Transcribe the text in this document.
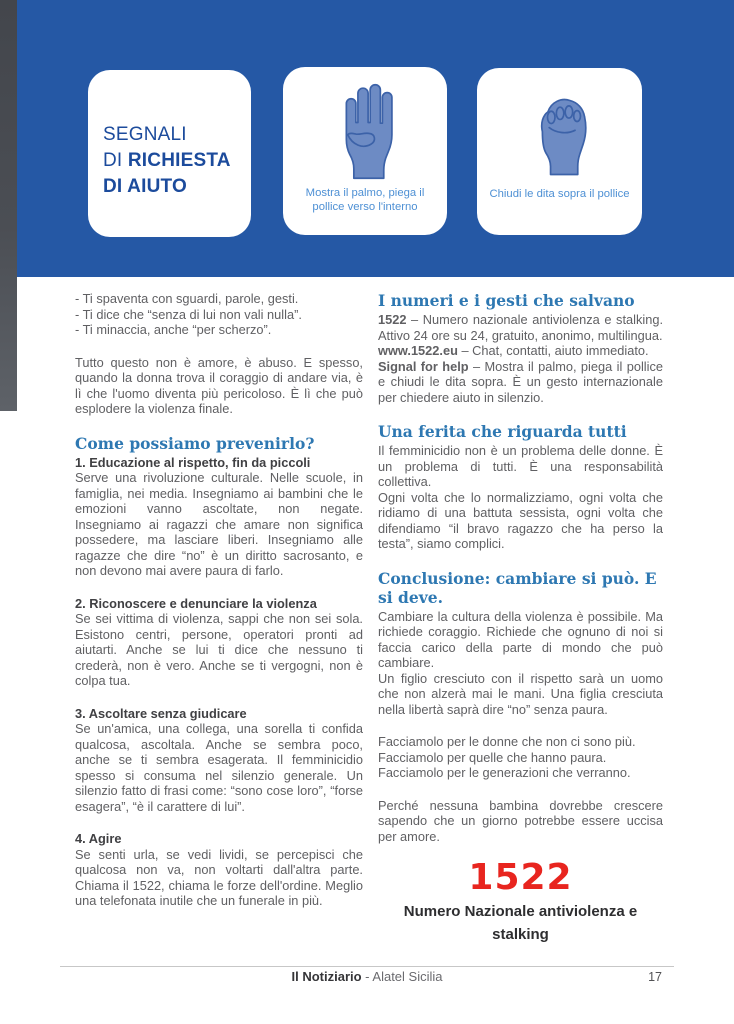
SEGNALI
DI RICHIESTA
DI AIUTO	Mostra il palmo, piega il pollice verso l'interno
Chiudi le dita sopra il pollice
- Ti spaventa con sguardi, parole, gesti.
- Ti dice che “senza di lui non vali nulla”.
- Ti minaccia, anche “per scherzo”.

Tutto questo non è amore, è abuso. E spesso, quando la donna trova il coraggio di andare via, è lì che l'uomo diventa più pericoloso. È lì che può esplodere la violenza finale.

Come possiamo prevenirlo?
1. Educazione al rispetto, fin da piccoli

Serve una rivoluzione culturale. Nelle scuole, in famiglia, nei media. Insegniamo ai bambini che le emozioni vanno ascoltate, non negate. Insegniamo ai ragazzi che amare non significa possedere, ma lasciare liberi. Insegniamo alle ragazze che dire “no” è un diritto sacrosanto, e non devono mai avere paura di farlo.

2. Riconoscere e denunciare la violenza

Se sei vittima di violenza, sappi che non sei sola. Esistono centri, persone, operatori pronti ad aiutarti. Anche se lui ti dice che nessuno ti crederà, non è vero. Anche se ti vergogni, non è colpa tua.

3. Ascoltare senza giudicare

Se un'amica, una collega, una sorella ti confida qualcosa, ascoltala. Anche se sembra poco, anche se ti sembra esagerata. Il femminicidio spesso si consuma nel silenzio generale. Un silenzio fatto di frasi come: “sono cose loro”, “forse esagera”, “è il carattere di lui”.

4. Agire

Se senti urla, se vedi lividi, se percepisci che qualcosa non va, non voltarti dall'altra parte. Chiama il 1522, chiama le forze dell'ordine. Meglio una telefonata inutile che un funerale in più.

I numeri e i gesti che salvano

1522 – Numero nazionale antiviolenza e stalking. Attivo 24 ore su 24, gratuito, anonimo, multilingua.

www.1522.eu – Chat, contatti, aiuto immediato.

Signal for help – Mostra il palmo, piega il pollice e chiudi le dita sopra. È un gesto internazionale per chiedere aiuto in silenzio.

Una ferita che riguarda tutti

Il femminicidio non è un problema delle donne. È un problema di tutti. È una responsabilità collettiva.

Ogni volta che lo normalizziamo, ogni volta che ridiamo di una battuta sessista, ogni volta che difendiamo “il bravo ragazzo che ha perso la testa”, siamo complici.

Conclusione: cambiare si può. E si deve.

Cambiare la cultura della violenza è possibile. Ma richiede coraggio. Richiede che ognuno di noi si faccia carico della parte di mondo che può cambiare.

Un figlio cresciuto con il rispetto sarà un uomo che non alzerà mai le mani. Una figlia cresciuta nella libertà saprà dire “no” senza paura.

Facciamolo per le donne che non ci sono più.
Facciamolo per quelle che hanno paura.
Facciamolo per le generazioni che verranno.

Perché nessuna bambina dovrebbe crescere sapendo che un giorno potrebbe essere uccisa per amore.

1522
Numero Nazionale antiviolenza e stalking
Il Notiziario - Alatel Sicilia	17
